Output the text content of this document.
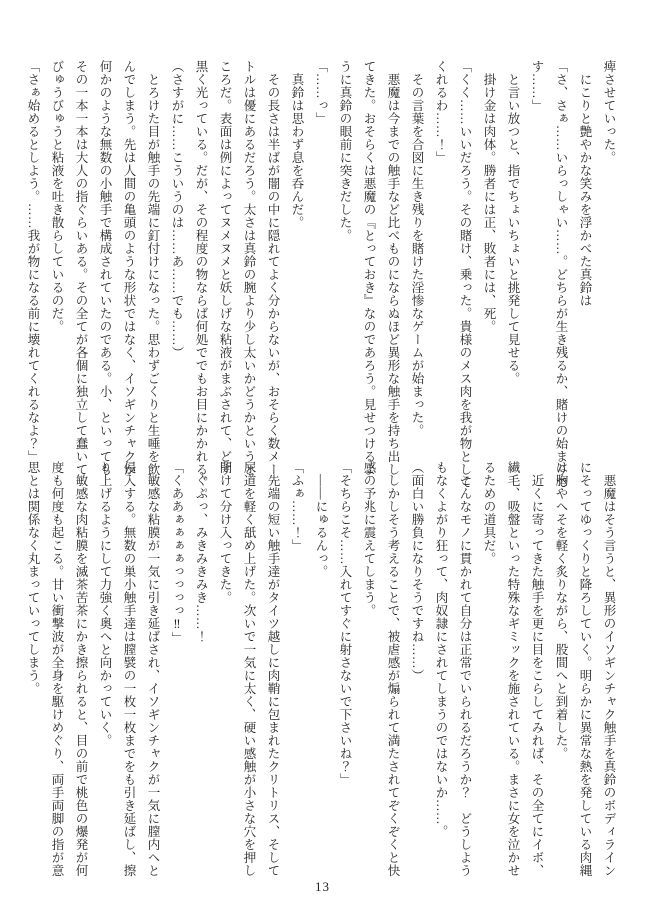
痺させていった。
　にこりと艶やかな笑みを浮かべた真鈴は
「さ、さぁ……いらっしゃい……。どちらが生き残るか、賭けの始まりで
す……」
　と言い放つと、指でちょいちょいと挑発して見せる。
　掛け金は肉体。勝者には正、敗者には、死。
「くく……いいだろう。その賭け、乗った。貴様のメス肉を我が物として
くれるわ……！」
　その言葉を合図に生き残りを賭けた淫惨なゲームが始まった。
　悪魔は今までの触手など比べものにならぬほど異形な触手を持ち出し
てきた。おそらくは悪魔の『とっておき』なのであろう。見せつけるよ
うに真鈴の眼前に突きだした。
「……っ」
　真鈴は思わず息を呑んだ。
　その長さは半ばが闇の中に隠れてよく分からないが、おそらく数メー
トルは優にあるだろう。太さは真鈴の腕より少し太いかどうかというと
ころだ。表面は例によってヌメヌメと妖しげな粘液がまぶされて、どす
黒く光っている。だが、その程度の物ならば何処ででもお目にかかれる。
（さすがに……こういうのは……あ……でも……）
　とろけた目が触手の先端に釘付けになった。思わずごくりと生唾を飲
んでしまう。先は人間の亀頭のような形状ではなく、イソギンチャクか
何かのような無数の小触手で構成されていたのである。小、といっても
その一本一本は大人の指ぐらいある。その全てが各個に独立して蠢いて
びゅうびゅうと粘液を吐き散らしているのだ。
「さぁ始めるとしよう。……我が物になる前に壊れてくれるなよ？」
　悪魔はそう言うと、異形のイソギンチャク触手を真鈴のボディライン
にそってゆっくりと降ろしていく。明らかに異常な熱を発している肉縄
は胸やへそを軽く炙りながら、股間へと到着した。
　近くに寄ってきた触手を更に目をこらしてみれば、その全てにイボ、
繊毛、吸盤といった特殊なギミックを施されている。まさに女を泣かせ
るための道具だ。
　こんなモノに貫かれて自分は正常でいられるだろうか？　どうしよう
もなくよがり狂って、肉奴隷にされてしまうのではないか……。
（面白い勝負になりそうですね……）
　しかしそう考えることで、被虐感が煽られて満たされてぞくぞくと快
感の予兆に震えてしまう。
「そちらこそ……入れてすぐに射さないで下さいね？」
　――にゅるんっ。
「ふぁ……！」
　先端の短い触手達がタイツ越しに肉鞘に包まれたクリトリス、そして
尿道を軽く舐め上げた。次いで一気に太く、硬い感触が小さな穴を押し
開けて分け入ってきた。
　ぐぷっ、みきみきみき……！
「くああぁぁぁぁっっっっ‼」
　敏感な粘膜が一気に引き延ばされ、イソギンチャクが一気に膣内へと
侵入する。無数の巣小触手達は膣襞の一枚一枚までをも引き延ばし、擦
り上げるようにして力強く奥へと向かっていく。
　敏感な肉粘膜を滅茶苦茶にかき擦られると、目の前で桃色の爆発が何
度も何度も起こる。甘い衝撃波が全身を駆けめぐり、両手両脚の指が意
思とは関係なく丸まっていってしまう。
13
